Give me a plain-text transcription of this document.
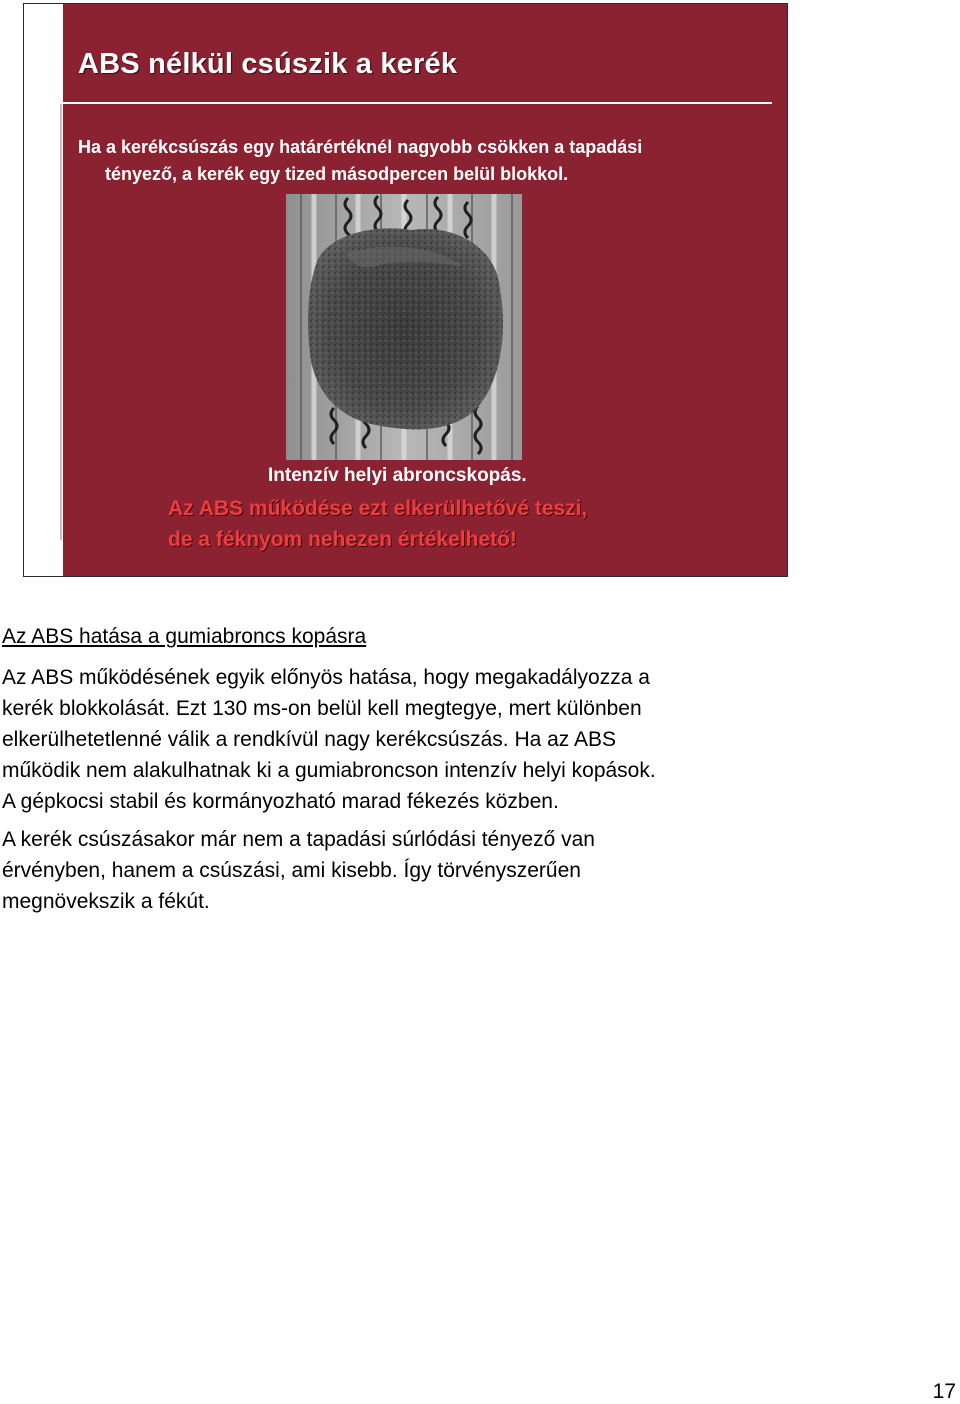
ABS nélkül csúszik a kerék
Ha a kerékcsúszás egy határértéknél nagyobb csökken a tapadási
tényező, a kerék egy tized másodpercen belül blokkol.
Intenzív helyi abroncskopás.
Az ABS működése ezt elkerülhetővé teszi,
de a féknyom nehezen értékelhető!
Az ABS hatása a gumiabroncs kopásra

Az ABS működésének egyik előnyös hatása, hogy megakadályozza a
kerék blokkolását. Ezt 130 ms-on belül kell megtegye, mert különben
elkerülhetetlenné válik a rendkívül nagy kerékcsúszás. Ha az ABS
működik nem alakulhatnak ki a gumiabroncson intenzív helyi kopások.
A gépkocsi stabil és kormányozható marad fékezés közben.

A kerék csúszásakor már nem a tapadási súrlódási tényező van
érvényben, hanem a csúszási, ami kisebb. Így törvényszerűen
megnövekszik a fékút.

17
